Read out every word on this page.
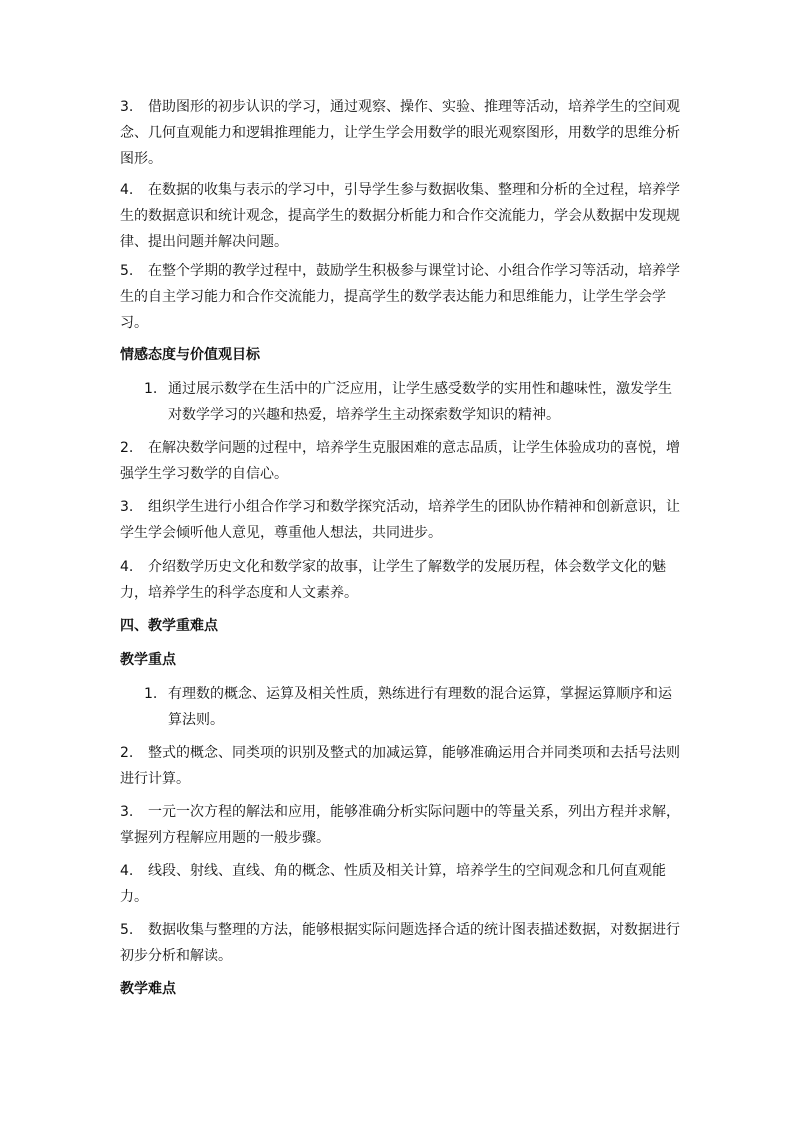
3. 借助图形的初步认识的学习，通过观察、操作、实验、推理等活动，培养学生的空间观念、几何直观能力和逻辑推理能力，让学生学会用数学的眼光观察图形，用数学的思维分析图形。

4. 在数据的收集与表示的学习中，引导学生参与数据收集、整理和分析的全过程，培养学生的数据意识和统计观念，提高学生的数据分析能力和合作交流能力，学会从数据中发现规律、提出问题并解决问题。

5. 在整个学期的教学过程中，鼓励学生积极参与课堂讨论、小组合作学习等活动，培养学生的自主学习能力和合作交流能力，提高学生的数学表达能力和思维能力，让学生学会学习。

情感态度与价值观目标
1. 通过展示数学在生活中的广泛应用，让学生感受数学的实用性和趣味性，激发学生对数学学习的兴趣和热爱，培养学生主动探索数学知识的精神。

2. 在解决数学问题的过程中，培养学生克服困难的意志品质，让学生体验成功的喜悦，增强学生学习数学的自信心。

3. 组织学生进行小组合作学习和数学探究活动，培养学生的团队协作精神和创新意识，让学生学会倾听他人意见，尊重他人想法，共同进步。

4. 介绍数学历史文化和数学家的故事，让学生了解数学的发展历程，体会数学文化的魅力，培养学生的科学态度和人文素养。

四、教学重难点
教学重点
1. 有理数的概念、运算及相关性质，熟练进行有理数的混合运算，掌握运算顺序和运算法则。

2. 整式的概念、同类项的识别及整式的加减运算，能够准确运用合并同类项和去括号法则进行计算。

3. 一元一次方程的解法和应用，能够准确分析实际问题中的等量关系，列出方程并求解，掌握列方程解应用题的一般步骤。

4. 线段、射线、直线、角的概念、性质及相关计算，培养学生的空间观念和几何直观能力。

5. 数据收集与整理的方法，能够根据实际问题选择合适的统计图表描述数据，对数据进行初步分析和解读。

教学难点
